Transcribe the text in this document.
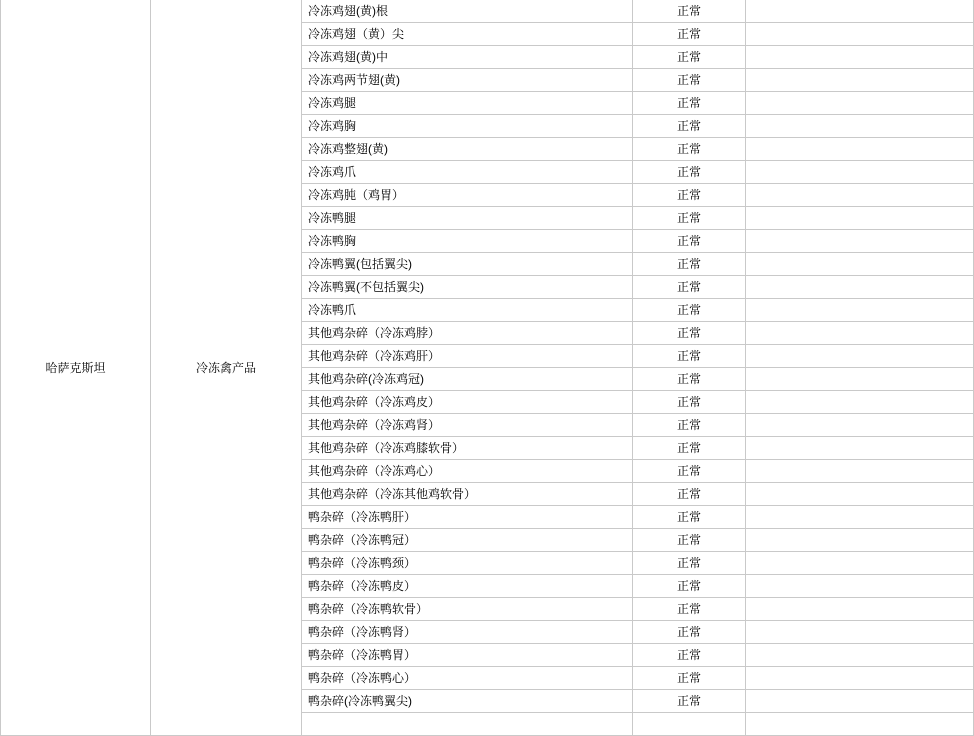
哈萨克斯坦	冷冻禽产品	冷冻鸡翅(黄)根	正常	
		冷冻鸡翅（黄）尖	正常	
		冷冻鸡翅(黄)中	正常	
		冷冻鸡两节翅(黄)	正常	
		冷冻鸡腿	正常	
		冷冻鸡胸	正常	
		冷冻鸡整翅(黄)	正常	
		冷冻鸡爪	正常	
		冷冻鸡肫（鸡胃）	正常	
		冷冻鸭腿	正常	
		冷冻鸭胸	正常	
		冷冻鸭翼(包括翼尖)	正常	
		冷冻鸭翼(不包括翼尖)	正常	
		冷冻鸭爪	正常	
		其他鸡杂碎（冷冻鸡脖）	正常	
		其他鸡杂碎（冷冻鸡肝）	正常	
		其他鸡杂碎(冷冻鸡冠)	正常	
		其他鸡杂碎（冷冻鸡皮）	正常	
		其他鸡杂碎（冷冻鸡肾）	正常	
		其他鸡杂碎（冷冻鸡膝软骨）	正常	
		其他鸡杂碎（冷冻鸡心）	正常	
		其他鸡杂碎（冷冻其他鸡软骨）	正常	
		鸭杂碎（冷冻鸭肝）	正常	
		鸭杂碎（冷冻鸭冠）	正常	
		鸭杂碎（冷冻鸭颈）	正常	
		鸭杂碎（冷冻鸭皮）	正常	
		鸭杂碎（冷冻鸭软骨）	正常	
		鸭杂碎（冷冻鸭肾）	正常	
		鸭杂碎（冷冻鸭胃）	正常	
		鸭杂碎（冷冻鸭心）	正常	
		鸭杂碎(冷冻鸭翼尖)	正常	
